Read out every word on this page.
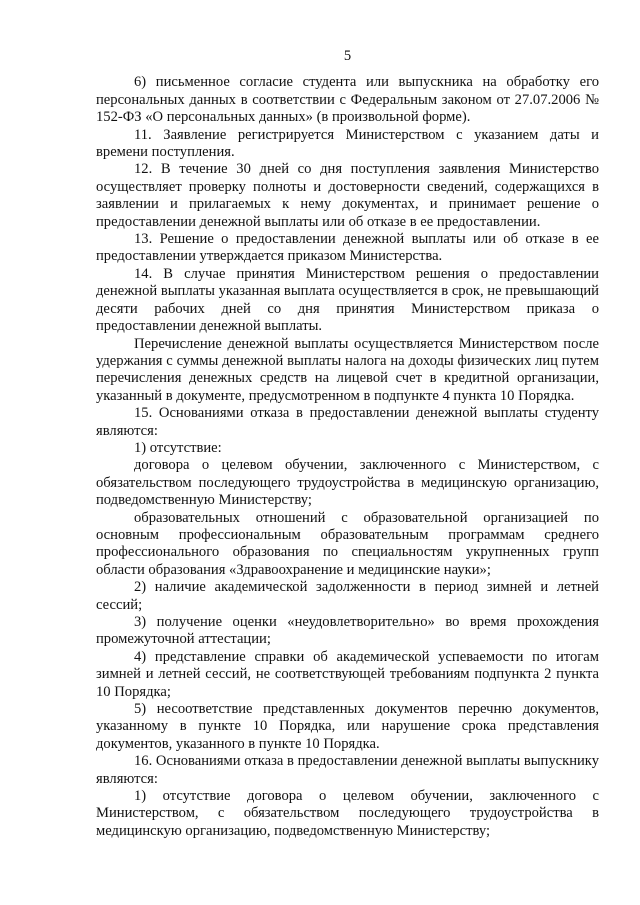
5

6) письменное согласие студента или выпускника на обработку его персональных данных в соответствии с Федеральным законом от 27.07.2006 № 152-ФЗ «О персональных данных» (в произвольной форме).

11. Заявление регистрируется Министерством с указанием даты и времени поступления.

12. В течение 30 дней со дня поступления заявления Министерство осуществляет проверку полноты и достоверности сведений, содержащихся в заявлении и прилагаемых к нему документах, и принимает решение о предоставлении денежной выплаты или об отказе в ее предоставлении.

13. Решение о предоставлении денежной выплаты или об отказе в ее предоставлении утверждается приказом Министерства.

14. В случае принятия Министерством решения о предоставлении денежной выплаты указанная выплата осуществляется в срок, не превышающий десяти рабочих дней со дня принятия Министерством приказа о предоставлении денежной выплаты.

Перечисление денежной выплаты осуществляется Министерством после удержания с суммы денежной выплаты налога на доходы физических лиц путем перечисления денежных средств на лицевой счет в кредитной организации, указанный в документе, предусмотренном в подпункте 4 пункта 10 Порядка.

15. Основаниями отказа в предоставлении денежной выплаты студенту являются:

1) отсутствие:

договора о целевом обучении, заключенного с Министерством, с обязательством последующего трудоустройства в медицинскую организацию, подведомственную Министерству;

образовательных отношений с образовательной организацией по основным профессиональным образовательным программам среднего профессионального образования по специальностям укрупненных групп области образования «Здравоохранение и медицинские науки»;

2) наличие академической задолженности в период зимней и летней сессий;

3) получение оценки «неудовлетворительно» во время прохождения промежуточной аттестации;

4) представление справки об академической успеваемости по итогам зимней и летней сессий, не соответствующей требованиям подпункта 2 пункта 10 Порядка;

5) несоответствие представленных документов перечню документов, указанному в пункте 10 Порядка, или нарушение срока представления документов, указанного в пункте 10 Порядка.

16. Основаниями отказа в предоставлении денежной выплаты выпускнику являются:

1) отсутствие договора о целевом обучении, заключенного с Министерством, с обязательством последующего трудоустройства в медицинскую организацию, подведомственную Министерству;
